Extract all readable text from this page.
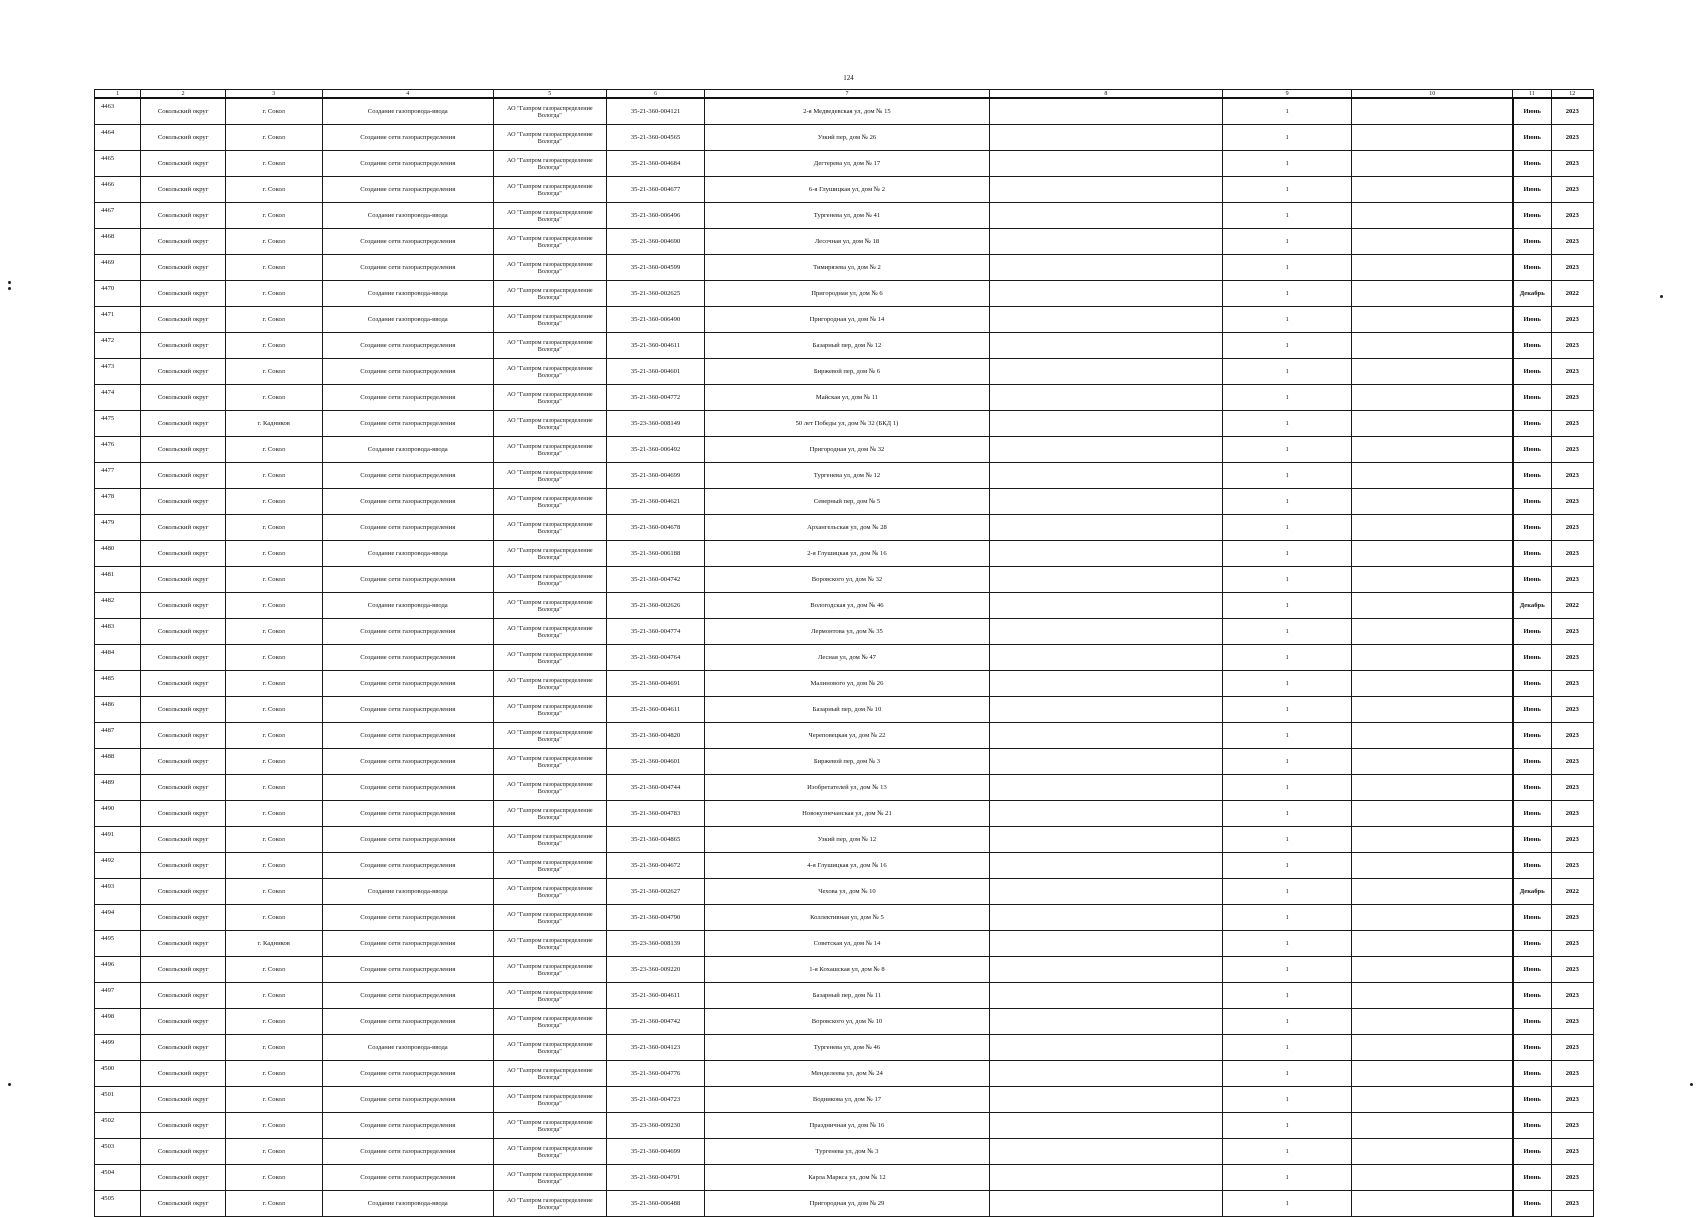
124
1	2	3	4	5	6	7	8	9	10	11	12
4463	Сокольский округ	г. Сокол	Создание газопровода-ввода	АО "Газпром газораспределение Вологда"	35-21-360-004121	2-я Медведевская ул, дом № 15		1		Июнь	2023
4464	Сокольский округ	г. Сокол	Создание сети газораспределения	АО "Газпром газораспределение Вологда"	35-21-360-004565	Узкий пер, дом № 26		1		Июнь	2023
4465	Сокольский округ	г. Сокол	Создание сети газораспределения	АО "Газпром газораспределение Вологда"	35-21-360-004684	Дегтерева ул, дом № 17		1		Июнь	2023
4466	Сокольский округ	г. Сокол	Создание сети газораспределения	АО "Газпром газораспределение Вологда"	35-21-360-004677	6-я Глушицкая ул, дом № 2		1		Июнь	2023
4467	Сокольский округ	г. Сокол	Создание газопровода-ввода	АО "Газпром газораспределение Вологда"	35-21-360-006496	Тургенева ул, дом № 41		1		Июнь	2023
4468	Сокольский округ	г. Сокол	Создание сети газораспределения	АО "Газпром газораспределение Вологда"	35-21-360-004690	Лесочная ул, дом № 18		1		Июнь	2023
4469	Сокольский округ	г. Сокол	Создание сети газораспределения	АО "Газпром газораспределение Вологда"	35-21-360-004599	Тимирязева ул, дом № 2		1		Июнь	2023
4470	Сокольский округ	г. Сокол	Создание газопровода-ввода	АО "Газпром газораспределение Вологда"	35-21-360-002625	Пригородная ул, дом № 6		1		Декабрь	2022
4471	Сокольский округ	г. Сокол	Создание газопровода-ввода	АО "Газпром газораспределение Вологда"	35-21-360-006490	Пригородная ул, дом № 14		1		Июнь	2023
4472	Сокольский округ	г. Сокол	Создание сети газораспределения	АО "Газпром газораспределение Вологда"	35-21-360-004611	Базарный пер, дом № 12		1		Июнь	2023
4473	Сокольский округ	г. Сокол	Создание сети газораспределения	АО "Газпром газораспределение Вологда"	35-21-360-004601	Биржевой пер, дом № 6		1		Июнь	2023
4474	Сокольский округ	г. Сокол	Создание сети газораспределения	АО "Газпром газораспределение Вологда"	35-21-360-004772	Майская ул, дом № 11		1		Июнь	2023
4475	Сокольский округ	г. Кадников	Создание сети газораспределения	АО "Газпром газораспределение Вологда"	35-23-360-008149	50 лет Победы ул, дом № 32 (БКД 1)		1		Июнь	2023
4476	Сокольский округ	г. Сокол	Создание газопровода-ввода	АО "Газпром газораспределение Вологда"	35-21-360-006492	Пригородная ул, дом № 32		1		Июнь	2023
4477	Сокольский округ	г. Сокол	Создание сети газораспределения	АО "Газпром газораспределение Вологда"	35-21-360-004699	Тургенева ул, дом № 12		1		Июнь	2023
4478	Сокольский округ	г. Сокол	Создание сети газораспределения	АО "Газпром газораспределение Вологда"	35-21-360-004621	Северный пер, дом № 5		1		Июнь	2023
4479	Сокольский округ	г. Сокол	Создание сети газораспределения	АО "Газпром газораспределение Вологда"	35-21-360-004678	Архангельская ул, дом № 28		1		Июнь	2023
4480	Сокольский округ	г. Сокол	Создание газопровода-ввода	АО "Газпром газораспределение Вологда"	35-21-360-006188	2-я Глушицкая ул, дом № 16		1		Июнь	2023
4481	Сокольский округ	г. Сокол	Создание сети газораспределения	АО "Газпром газораспределение Вологда"	35-21-360-004742	Воровского ул, дом № 32		1		Июнь	2023
4482	Сокольский округ	г. Сокол	Создание газопровода-ввода	АО "Газпром газораспределение Вологда"	35-21-360-002626	Вологодская ул, дом № 46		1		Декабрь	2022
4483	Сокольский округ	г. Сокол	Создание сети газораспределения	АО "Газпром газораспределение Вологда"	35-21-360-004774	Лермонтова ул, дом № 35		1		Июнь	2023
4484	Сокольский округ	г. Сокол	Создание сети газораспределения	АО "Газпром газораспределение Вологда"	35-21-360-004764	Лесная ул, дом № 47		1		Июнь	2023
4485	Сокольский округ	г. Сокол	Создание сети газораспределения	АО "Газпром газораспределение Вологда"	35-21-360-004691	Малинового ул, дом № 26		1		Июнь	2023
4486	Сокольский округ	г. Сокол	Создание сети газораспределения	АО "Газпром газораспределение Вологда"	35-21-360-004611	Базарный пер, дом № 10		1		Июнь	2023
4487	Сокольский округ	г. Сокол	Создание сети газораспределения	АО "Газпром газораспределение Вологда"	35-21-360-004820	Череповецкая ул, дом № 22		1		Июнь	2023
4488	Сокольский округ	г. Сокол	Создание сети газораспределения	АО "Газпром газораспределение Вологда"	35-21-360-004601	Биржевой пер, дом № 3		1		Июнь	2023
4489	Сокольский округ	г. Сокол	Создание сети газораспределения	АО "Газпром газораспределение Вологда"	35-21-360-004744	Изобретателей ул, дом № 13		1		Июнь	2023
4490	Сокольский округ	г. Сокол	Создание сети газораспределения	АО "Газпром газораспределение Вологда"	35-21-360-004783	Новокузнечанская ул, дом № 21		1		Июнь	2023
4491	Сокольский округ	г. Сокол	Создание сети газораспределения	АО "Газпром газораспределение Вологда"	35-21-360-004865	Узкий пер, дом № 12		1		Июнь	2023
4492	Сокольский округ	г. Сокол	Создание сети газораспределения	АО "Газпром газораспределение Вологда"	35-21-360-004672	4-я Глушицкая ул, дом № 16		1		Июнь	2023
4493	Сокольский округ	г. Сокол	Создание газопровода-ввода	АО "Газпром газораспределение Вологда"	35-21-360-002627	Чехова ул, дом № 10		1		Декабрь	2022
4494	Сокольский округ	г. Сокол	Создание сети газораспределения	АО "Газпром газораспределение Вологда"	35-21-360-004790	Коллективная ул, дом № 5		1		Июнь	2023
4495	Сокольский округ	г. Кадников	Создание сети газораспределения	АО "Газпром газораспределение Вологда"	35-23-360-008139	Советская ул, дом № 14		1		Июнь	2023
4496	Сокольский округ	г. Сокол	Создание сети газораспределения	АО "Газпром газораспределение Вологда"	35-23-360-009220	1-я Кохашская ул, дом № 8		1		Июнь	2023
4497	Сокольский округ	г. Сокол	Создание сети газораспределения	АО "Газпром газораспределение Вологда"	35-21-360-004611	Базарный пер, дом № 11		1		Июнь	2023
4498	Сокольский округ	г. Сокол	Создание сети газораспределения	АО "Газпром газораспределение Вологда"	35-21-360-004742	Воровского ул, дом № 10		1		Июнь	2023
4499	Сокольский округ	г. Сокол	Создание газопровода-ввода	АО "Газпром газораспределение Вологда"	35-21-360-004123	Тургенева ул, дом № 46		1		Июнь	2023
4500	Сокольский округ	г. Сокол	Создание сети газораспределения	АО "Газпром газораспределение Вологда"	35-21-360-004776	Менделеева ул, дом № 24		1		Июнь	2023
4501	Сокольский округ	г. Сокол	Создание сети газораспределения	АО "Газпром газораспределение Вологда"	35-21-360-004723	Водникова ул, дом № 17		1		Июнь	2023
4502	Сокольский округ	г. Сокол	Создание сети газораспределения	АО "Газпром газораспределение Вологда"	35-23-360-009230	Праздничная ул, дом № 16		1		Июнь	2023
4503	Сокольский округ	г. Сокол	Создание сети газораспределения	АО "Газпром газораспределение Вологда"	35-21-360-004699	Тургенева ул, дом № 3		1		Июнь	2023
4504	Сокольский округ	г. Сокол	Создание сети газораспределения	АО "Газпром газораспределение Вологда"	35-21-360-004791	Карла Маркса ул, дом № 12		1		Июнь	2023
4505	Сокольский округ	г. Сокол	Создание газопровода-ввода	АО "Газпром газораспределение Вологда"	35-21-360-006488	Пригородная ул, дом № 29		1		Июнь	2023
